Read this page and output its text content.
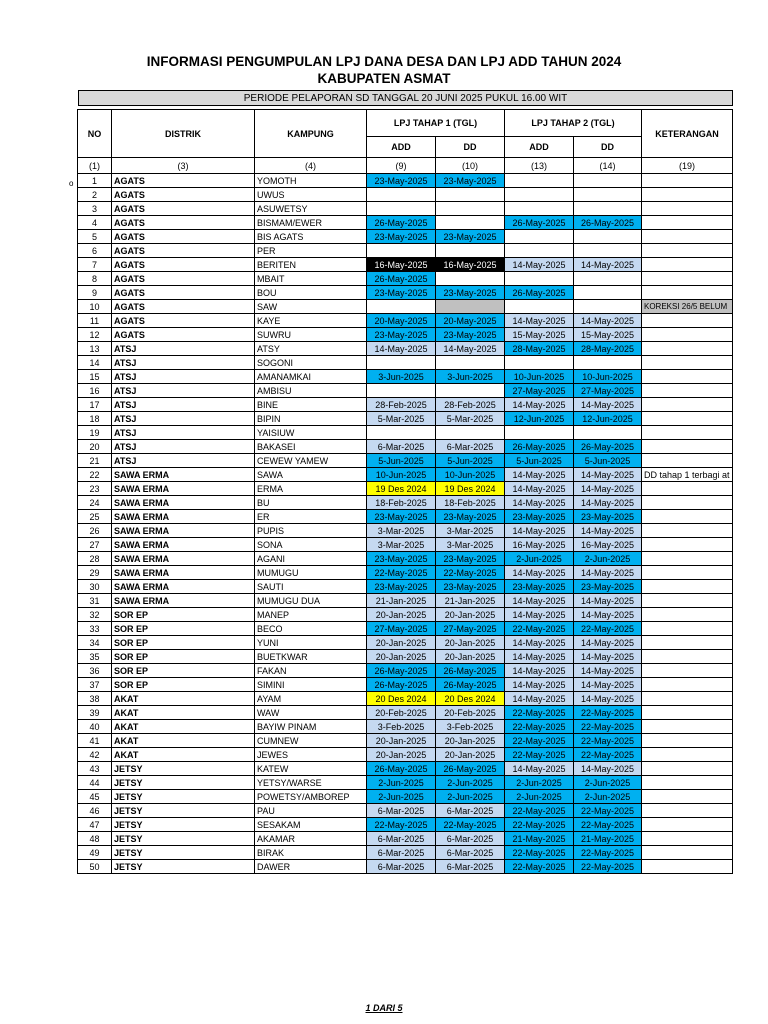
INFORMASI PENGUMPULAN LPJ DANA DESA DAN LPJ ADD TAHUN 2024
KABUPATEN ASMAT
PERIODE PELAPORAN SD TANGGAL 20 JUNI 2025 PUKUL 16.00 WIT
o
NO	DISTRIK	KAMPUNG	LPJ TAHAP 1 (TGL)		LPJ TAHAP 2 (TGL)		KETERANGAN
			ADD	DD	ADD	DD	
(1)	(3)	(4)	(9)	(10)	(13)	(14)	(19)
1	AGATS	YOMOTH	23-May-2025	23-May-2025			
2	AGATS	UWUS					
3	AGATS	ASUWETSY					
4	AGATS	BISMAM/EWER	26-May-2025		26-May-2025	26-May-2025	
5	AGATS	BIS AGATS	23-May-2025	23-May-2025			
6	AGATS	PER					
7	AGATS	BERITEN	16-May-2025	16-May-2025	14-May-2025	14-May-2025	
8	AGATS	MBAIT	26-May-2025				
9	AGATS	BOU	23-May-2025	23-May-2025	26-May-2025		
10	AGATS	SAW					KOREKSI 26/5 BELUM
11	AGATS	KAYE	20-May-2025	20-May-2025	14-May-2025	14-May-2025	
12	AGATS	SUWRU	23-May-2025	23-May-2025	15-May-2025	15-May-2025	
13	ATSJ	ATSY	14-May-2025	14-May-2025	28-May-2025	28-May-2025	
14	ATSJ	SOGONI					
15	ATSJ	AMANAMKAI	3-Jun-2025	3-Jun-2025	10-Jun-2025	10-Jun-2025	
16	ATSJ	AMBISU			27-May-2025	27-May-2025	
17	ATSJ	BINE	28-Feb-2025	28-Feb-2025	14-May-2025	14-May-2025	
18	ATSJ	BIPIN	5-Mar-2025	5-Mar-2025	12-Jun-2025	12-Jun-2025	
19	ATSJ	YAISIUW					
20	ATSJ	BAKASEI	6-Mar-2025	6-Mar-2025	26-May-2025	26-May-2025	
21	ATSJ	CEWEW YAMEW	5-Jun-2025	5-Jun-2025	5-Jun-2025	5-Jun-2025	
22	SAWA ERMA	SAWA	10-Jun-2025	10-Jun-2025	14-May-2025	14-May-2025	DD tahap 1 terbagi at
23	SAWA ERMA	ERMA	19 Des 2024	19 Des 2024	14-May-2025	14-May-2025	
24	SAWA ERMA	BU	18-Feb-2025	18-Feb-2025	14-May-2025	14-May-2025	
25	SAWA ERMA	ER	23-May-2025	23-May-2025	23-May-2025	23-May-2025	
26	SAWA ERMA	PUPIS	3-Mar-2025	3-Mar-2025	14-May-2025	14-May-2025	
27	SAWA ERMA	SONA	3-Mar-2025	3-Mar-2025	16-May-2025	16-May-2025	
28	SAWA ERMA	AGANI	23-May-2025	23-May-2025	2-Jun-2025	2-Jun-2025	
29	SAWA ERMA	MUMUGU	22-May-2025	22-May-2025	14-May-2025	14-May-2025	
30	SAWA ERMA	SAUTI	23-May-2025	23-May-2025	23-May-2025	23-May-2025	
31	SAWA ERMA	MUMUGU DUA	21-Jan-2025	21-Jan-2025	14-May-2025	14-May-2025	
32	SOR EP	MANEP	20-Jan-2025	20-Jan-2025	14-May-2025	14-May-2025	
33	SOR EP	BECO	27-May-2025	27-May-2025	22-May-2025	22-May-2025	
34	SOR EP	YUNI	20-Jan-2025	20-Jan-2025	14-May-2025	14-May-2025	
35	SOR EP	BUETKWAR	20-Jan-2025	20-Jan-2025	14-May-2025	14-May-2025	
36	SOR EP	FAKAN	26-May-2025	26-May-2025	14-May-2025	14-May-2025	
37	SOR EP	SIMINI	26-May-2025	26-May-2025	14-May-2025	14-May-2025	
38	AKAT	AYAM	20 Des 2024	20 Des 2024	14-May-2025	14-May-2025	
39	AKAT	WAW	20-Feb-2025	20-Feb-2025	22-May-2025	22-May-2025	
40	AKAT	BAYIW PINAM	3-Feb-2025	3-Feb-2025	22-May-2025	22-May-2025	
41	AKAT	CUMNEW	20-Jan-2025	20-Jan-2025	22-May-2025	22-May-2025	
42	AKAT	JEWES	20-Jan-2025	20-Jan-2025	22-May-2025	22-May-2025	
43	JETSY	KATEW	26-May-2025	26-May-2025	14-May-2025	14-May-2025	
44	JETSY	YETSY/WARSE	2-Jun-2025	2-Jun-2025	2-Jun-2025	2-Jun-2025	
45	JETSY	POWETSY/AMBOREP	2-Jun-2025	2-Jun-2025	2-Jun-2025	2-Jun-2025	
46	JETSY	PAU	6-Mar-2025	6-Mar-2025	22-May-2025	22-May-2025	
47	JETSY	SESAKAM	22-May-2025	22-May-2025	22-May-2025	22-May-2025	
48	JETSY	AKAMAR	6-Mar-2025	6-Mar-2025	21-May-2025	21-May-2025	
49	JETSY	BIRAK	6-Mar-2025	6-Mar-2025	22-May-2025	22-May-2025	
50	JETSY	DAWER	6-Mar-2025	6-Mar-2025	22-May-2025	22-May-2025	
1 DARI 5
